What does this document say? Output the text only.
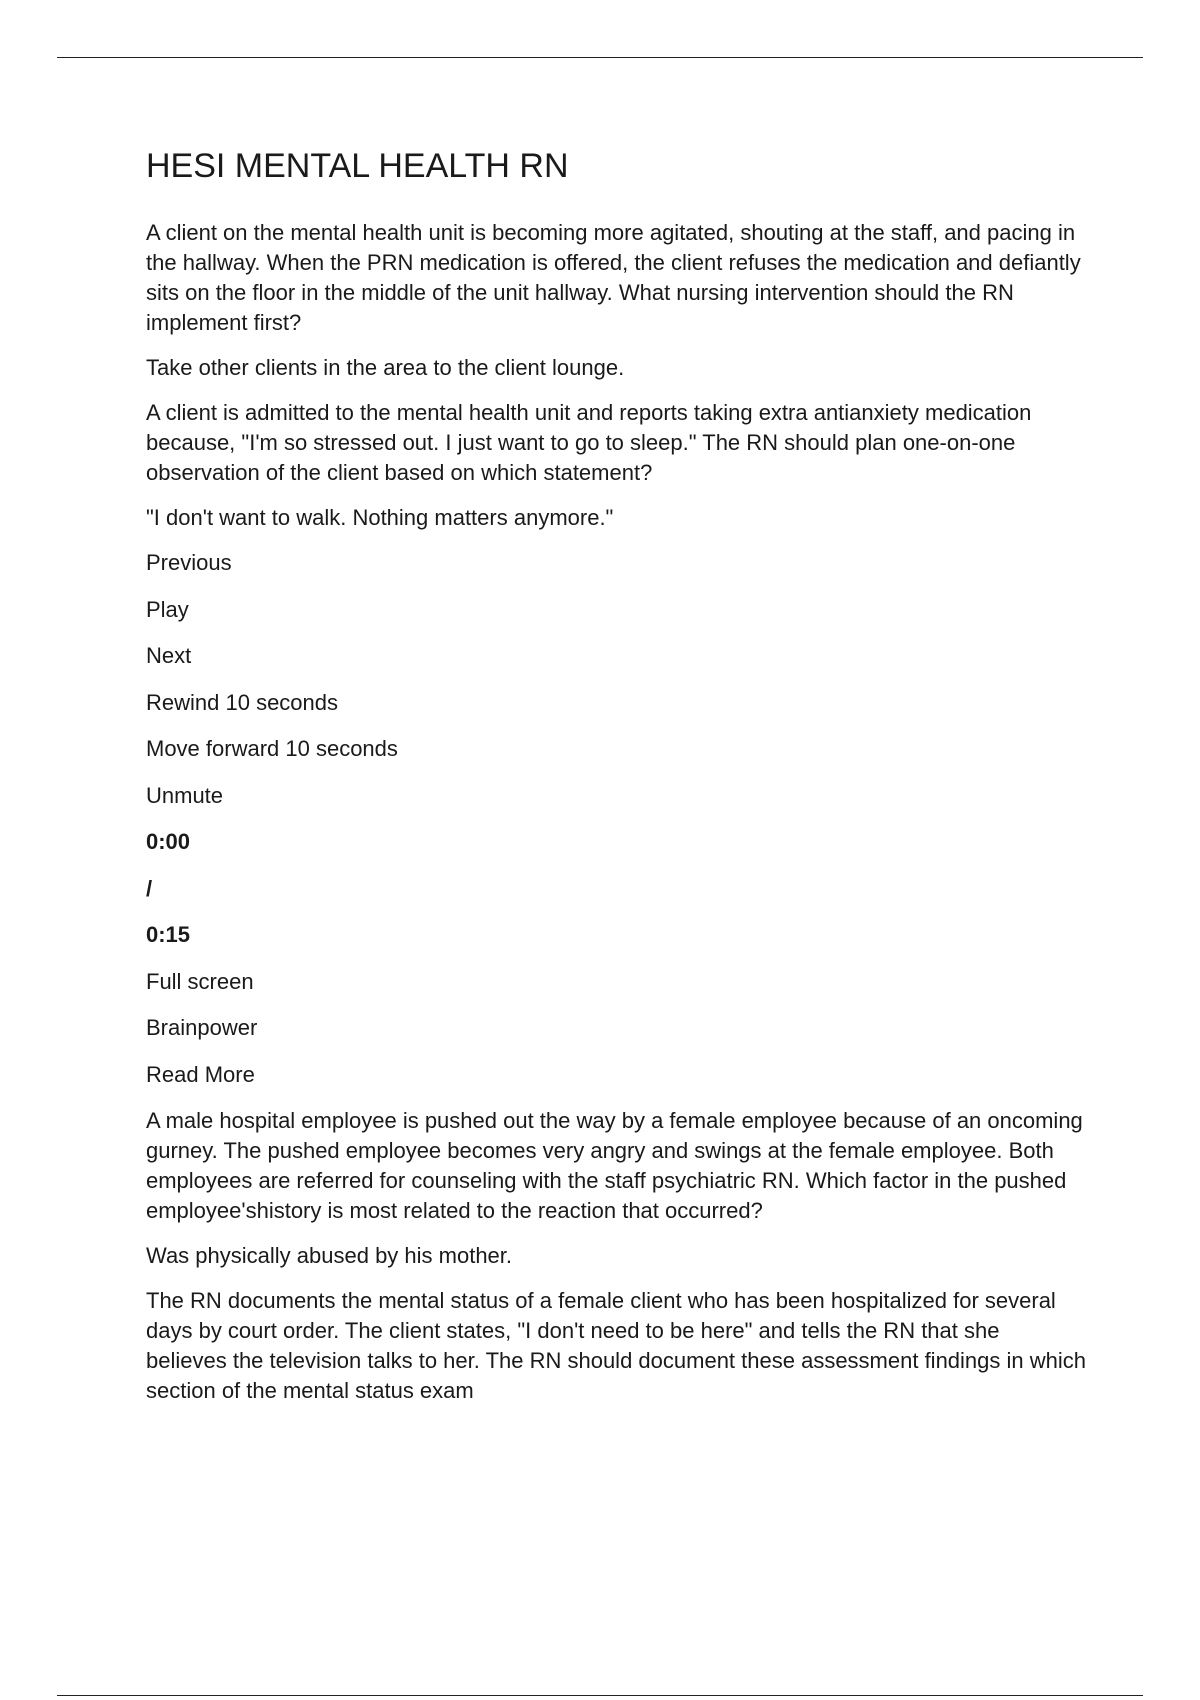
HESI MENTAL HEALTH RN

A client on the mental health unit is becoming more agitated, shouting at the staff, and pacing in the hallway. When the PRN medication is offered, the client refuses the medication and defiantly sits on the floor in the middle of the unit hallway. What nursing intervention should the RN implement first?

Take other clients in the area to the client lounge.

A client is admitted to the mental health unit and reports taking extra antianxiety medication because, "I'm so stressed out. I just want to go to sleep." The RN should plan one-on-one observation of the client based on which statement?

"I don't want to walk. Nothing matters anymore."

Previous
Play
Next
Rewind 10 seconds
Move forward 10 seconds
Unmute
0:00
/
0:15
Full screen
Brainpower
Read More

A male hospital employee is pushed out the way by a female employee because of an oncoming gurney. The pushed employee becomes very angry and swings at the female employee. Both employees are referred for counseling with the staff psychiatric RN. Which factor in the pushed employee'shistory is most related to the reaction that occurred?

Was physically abused by his mother.

The RN documents the mental status of a female client who has been hospitalized for several days by court order. The client states, "I don't need to be here" and tells the RN that she believes the television talks to her. The RN should document these assessment findings in which section of the mental status exam
